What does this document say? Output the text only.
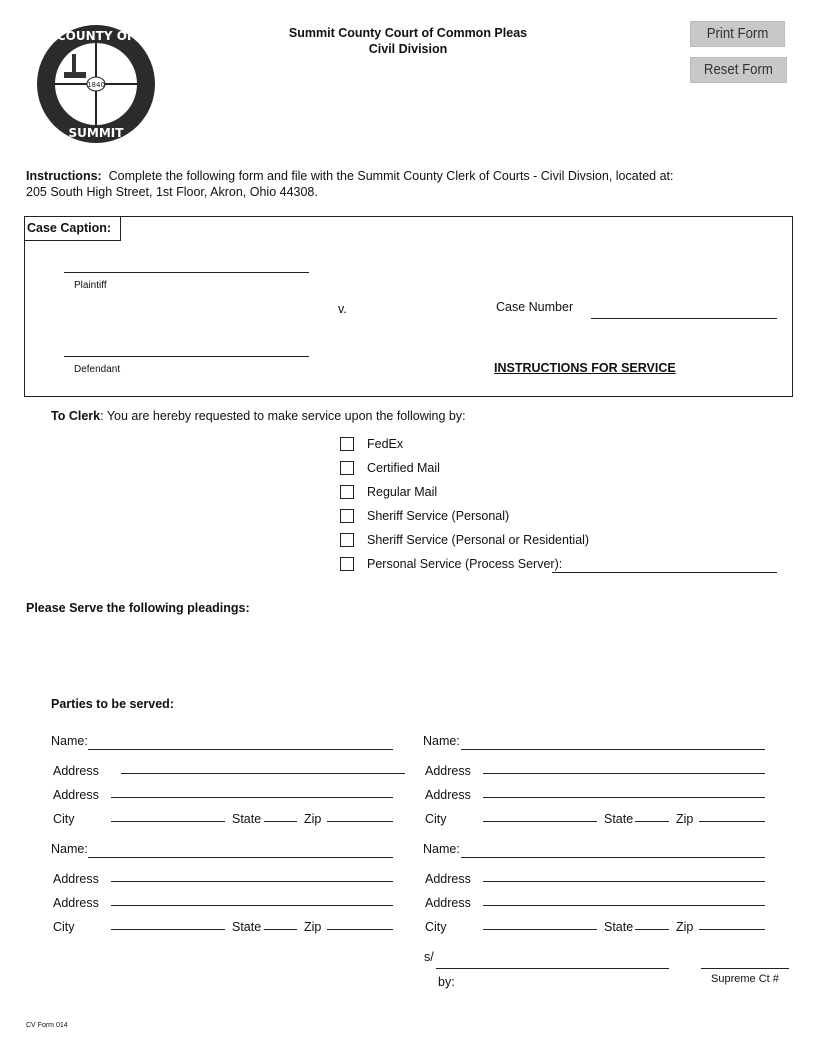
1840
COUNTY OF
SUMMIT
Summit County Court of Common Pleas
Civil Division
Print Form
Reset Form
Instructions: Complete the following form and file with the Summit County Clerk of Courts - Civil Divsion, located at:
205 South High Street, 1st Floor, Akron, Ohio 44308.
Case Caption:
Plaintiff
v.	Case Number
Defendant	INSTRUCTIONS FOR SERVICE
To Clerk: You are hereby requested to make service upon the following by:
FedEx
Certified Mail
Regular Mail
Sheriff Service (Personal)
Sheriff Service (Personal or Residential)
Personal Service (Process Server):
Please Serve the following pleadings:
Parties to be served:
Name:
Address
Address
City	State	Zip
Name:
Address
Address
City	State	Zip
Name:
Address
Address
City	State	Zip
Name:
Address
Address
City	State	Zip
s/
by:	Supreme Ct #
CV Form 014
